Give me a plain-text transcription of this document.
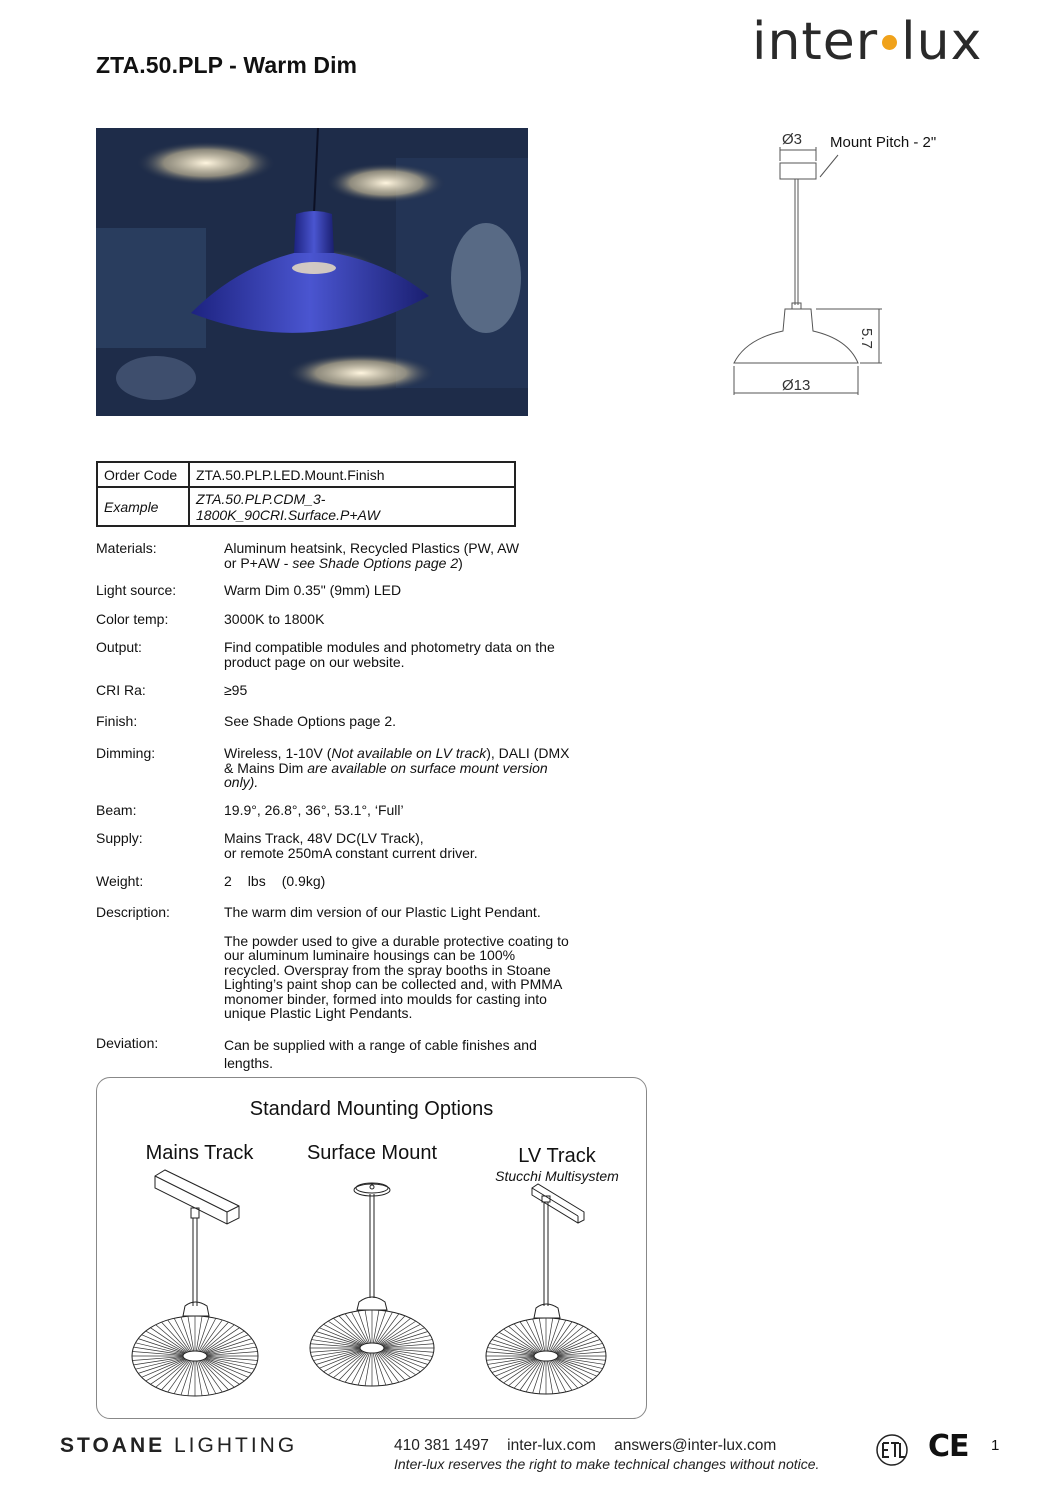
ZTA.50.PLP - Warm Dim	inter lux
Ø3 Mount Pitch - 2"
5.7
Ø13
Order Code	ZTA.50.PLP.LED.Mount.Finish
Example	ZTA.50.PLP.CDM_3-1800K_90CRI.Surface.P+AW
Materials:	Aluminum heatsink, Recycled Plastics (PW, AW
or P+AW - see Shade Options page 2)
Light source:	Warm Dim 0.35" (9mm) LED
Color temp:	3000K to 1800K
Output:	Find compatible modules and photometry data on the
product page on our website.
CRI Ra:	≥95
Finish:	See Shade Options page 2.
Dimming:	Wireless, 1-10V (Not available on LV track), DALI (DMX
& Mains Dim are available on surface mount version
only).
Beam:	19.9°, 26.8°, 36°, 53.1°, ‘Full’
Supply:	Mains Track, 48V DC(LV Track),
or remote 250mA constant current driver.
Weight:	2 lbs (0.9kg)
Description:	The warm dim version of our Plastic Light Pendant.
The powder used to give a durable protective coating to
our aluminum luminaire housings can be 100%
recycled. Overspray from the spray booths in Stoane
Lighting’s paint shop can be collected and, with PMMA
monomer binder, formed into moulds for casting into
unique Plastic Light Pendants.
Deviation:	Can be supplied with a range of cable finishes and
lengths.
Standard Mounting Options
Mains Track	Surface Mount	LV Track
Stucchi Multisystem
STOANE LIGHTING	410 381 1497 inter-lux.com answers@inter-lux.com
Inter-lux reserves the right to make technical changes without notice.	CE 1
